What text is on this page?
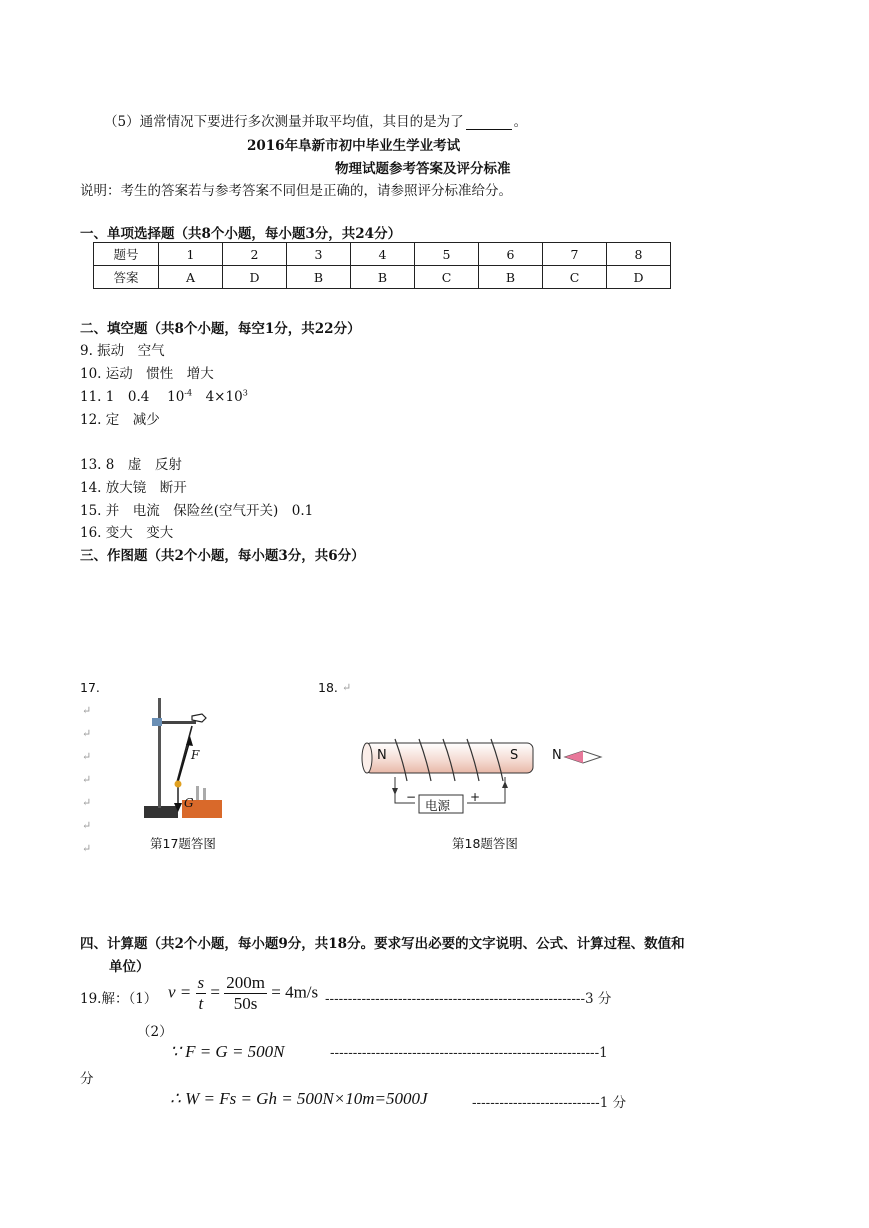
（5）通常情况下要进行多次测量并取平均值，其目的是为了	。
2016年阜新市初中毕业生学业考试
物理试题参考答案及评分标准
说明：考生的答案若与参考答案不同但是正确的，请参照评分标准给分。
一、单项选择题（共8个小题，每小题3分，共24分）
题号	1	2	3	4	5	6	7	8
答案	A	D	B	B	C	B	C	D
二、填空题（共8个小题，每空1分，共22分）
9. 振动　空气
10. 运动　惯性　增大
11. 1　0.4　 $10^{-4}$　$4\times 10^3$
12. 定　减少
13. 8　虚　反射
14. 放大镜　断开
15. 并　电流　保险丝(空气开关)　0.1
16. 变大　变大
三、作图题（共2个小题，每小题3分，共6分）
17.
↵
↵
↵
↵
↵
↵
↵
F
G
第17题答图
18. ↵
N	S	N
电源
−	+
第18题答图
四、计算题（共2个小题，每小题9分，共18分。要求写出必要的文字说明、公式、计算过程、数值和
单位）
19.解：（1） $v = \frac{s}{t} = \frac{200m}{50s} = 4m/s$ ---------------------------------------------------------3 分
（2）
∵ F = G = 500N	-----------------------------------------------------------1
分
∴ W = Fs = Gh = 500N×10m=5000J	----------------------------1 分
